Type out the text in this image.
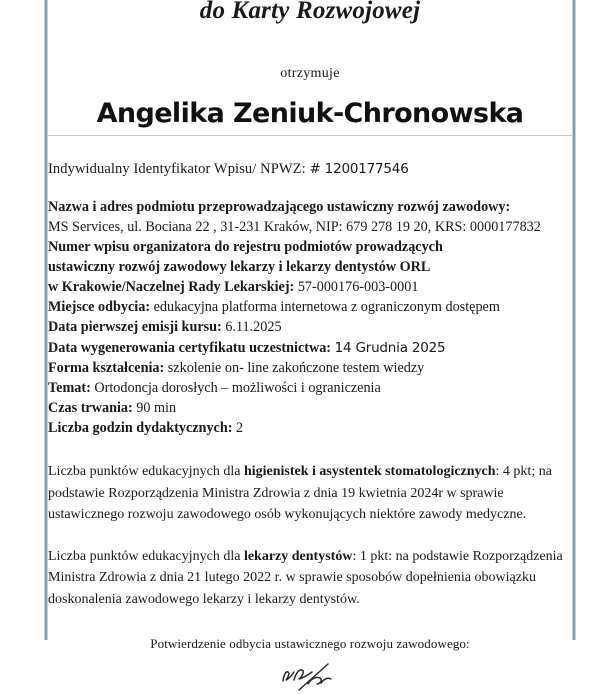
do Karty Rozwojowej
otrzymuje
Angelika Zeniuk-Chronowska
Indywidualny Identyfikator Wpisu/ NPWZ: # 1200177546
Nazwa i adres podmiotu przeprowadzającego ustawiczny rozwój zawodowy:
MS Services, ul. Bociana 22 , 31-231 Kraków, NIP: 679 278 19 20, KRS: 0000177832
Numer wpisu organizatora do rejestru podmiotów prowadzących
ustawiczny rozwój zawodowy lekarzy i lekarzy dentystów ORL
w Krakowie/Naczelnej Rady Lekarskiej: 57-000176-003-0001
Miejsce odbycia: edukacyjna platforma internetowa z ograniczonym dostępem
Data pierwszej emisji kursu: 6.11.2025
Data wygenerowania certyfikatu uczestnictwa: 14 Grudnia 2025
Forma kształcenia: szkolenie on- line zakończone testem wiedzy
Temat: Ortodoncja dorosłych – możliwości i ograniczenia
Czas trwania: 90 min
Liczba godzin dydaktycznych: 2
Liczba punktów edukacyjnych dla higienistek i asystentek stomatologicznych: 4 pkt; na podstawie Rozporządzenia Ministra Zdrowia z dnia 19 kwietnia 2024r w sprawie ustawicznego rozwoju zawodowego osób wykonujących niektóre zawody medyczne.
Liczba punktów edukacyjnych dla lekarzy dentystów: 1 pkt: na podstawie Rozporządzenia Ministra Zdrowia z dnia 21 lutego 2022 r. w sprawie sposobów dopełnienia obowiązku doskonalenia zawodowego lekarzy i lekarzy dentystów.
Potwierdzenie odbycia ustawicznego rozwoju zawodowego:
